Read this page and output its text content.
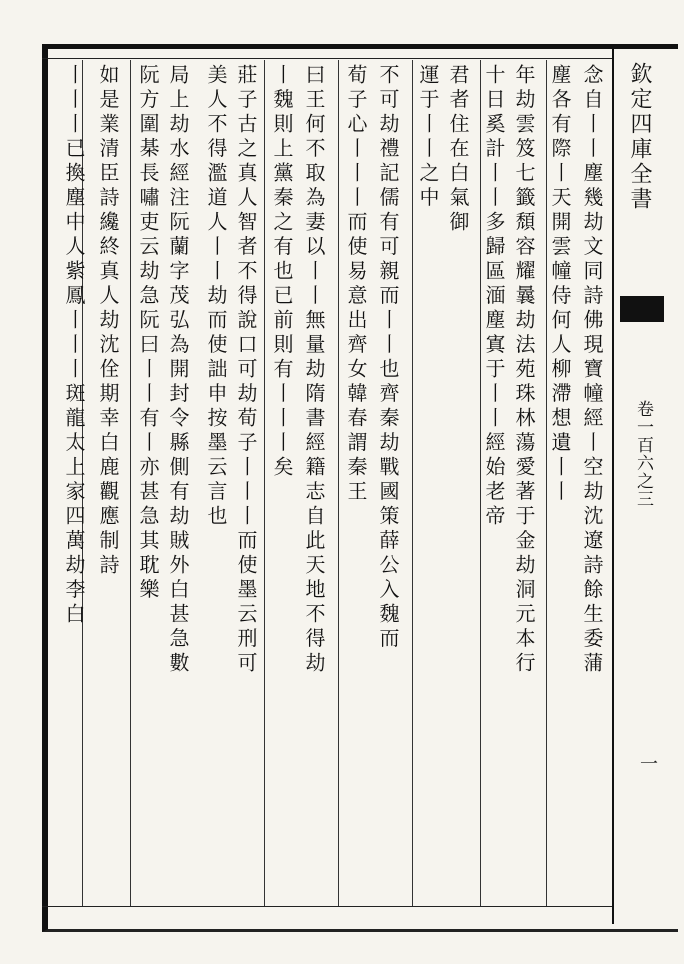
欽定四庫全書
卷一百六之三
一
念自丨丨塵幾劫文同詩佛現寶幢經丨空劫沈遼詩餘生委蒲
塵各有際丨天開雲幢侍何人柳滯想遺丨丨
年劫雲笈七籤頹容耀曩劫法苑珠林蕩愛著于金劫洞元本行
十日奚計丨丨多歸區湎塵寘于丨丨經始老帝
君者住在白氣御
運于丨丨之中
不可劫禮記儒有可親而丨丨也齊秦劫戰國策薛公入魏而
荀子心丨丨丨而使易意出齊女韓春謂秦王
曰王何不取為妻以丨丨無量劫隋書經籍志自此天地不得劫
丨魏則上黨秦之有也已前則有丨丨丨矣
莊子古之真人智者不得說口可劫荀子丨丨丨而使墨云刑可
美人不得濫道人丨丨劫而使詘申按墨云言也
局上劫水經注阮蘭字茂弘為開封令縣側有劫賊外白甚急數
阮方圍棊長嘯吏云劫急阮曰丨丨有丨亦甚急其耽樂
如是業清臣詩纔終真人劫沈佺期幸白鹿觀應制詩
丨丨丨已換塵中人紫鳳丨丨丨斑龍太上家四萬劫李白
